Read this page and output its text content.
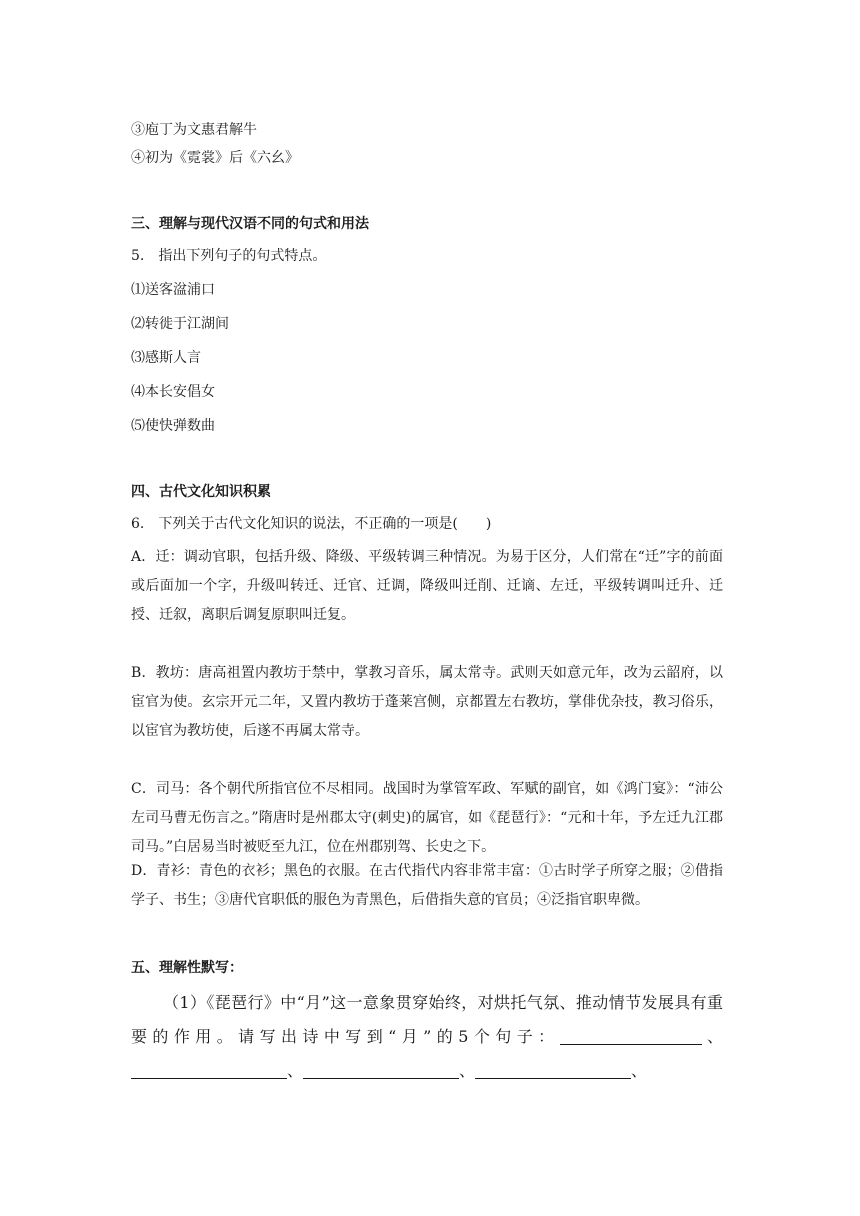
③庖丁为文惠君解牛
④初为《霓裳》后《六幺》
三、理解与现代汉语不同的句式和用法
5.　指出下列句子的句式特点。
⑴送客湓浦口
⑵转徙于江湖间
⑶感斯人言
⑷本长安倡女
⑸使快弹数曲
四、古代文化知识积累
6.　下列关于古代文化知识的说法，不正确的一项是(　　)
A．迁：调动官职，包括升级、降级、平级转调三种情况。为易于区分，人们常在“迁”字的前面或后面加一个字，升级叫转迁、迁官、迁调，降级叫迁削、迁谪、左迁，平级转调叫迁升、迁授、迁叙，离职后调复原职叫迁复。
B．教坊：唐高祖置内教坊于禁中，掌教习音乐，属太常寺。武则天如意元年，改为云韶府，以宦官为使。玄宗开元二年，又置内教坊于蓬莱宫侧，京都置左右教坊，掌俳优杂技，教习俗乐，以宦官为教坊使，后遂不再属太常寺。
C．司马：各个朝代所指官位不尽相同。战国时为掌管军政、军赋的副官，如《鸿门宴》：“沛公左司马曹无伤言之。”隋唐时是州郡太守(刺史)的属官，如《琵琶行》：“元和十年，予左迁九江郡司马。”白居易当时被贬至九江，位在州郡别驾、长史之下。
D．青衫：青色的衣衫；黑色的衣服。在古代指代内容非常丰富：①古时学子所穿之服；②借指学子、书生；③唐代官职低的服色为青黑色，后借指失意的官员；④泛指官职卑微。
五、理解性默写：
（1）《琵琶行》中“月”这一意象贯穿始终，对烘托气氛、推动情节发展具有重要的作用。请写出诗中写到“月”的5个句子：	、、	、	、
